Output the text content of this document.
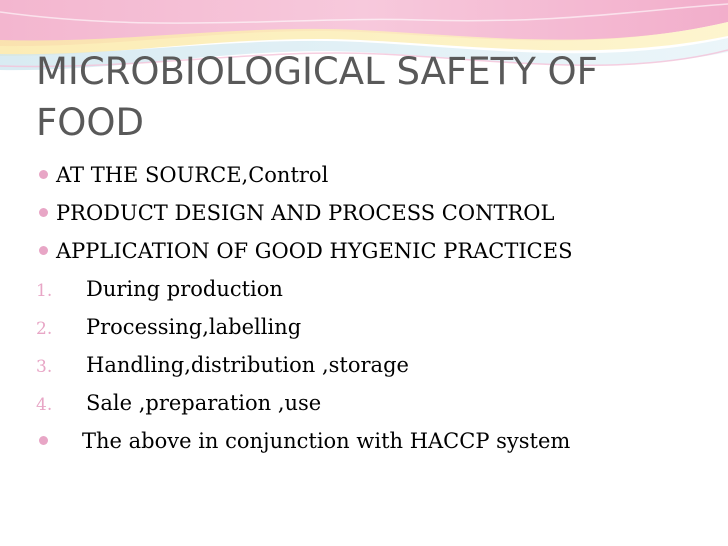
MICROBIOLOGICAL SAFETY OF FOOD
AT THE SOURCE,Control
PRODUCT DESIGN AND PROCESS CONTROL
APPLICATION OF GOOD HYGENIC PRACTICES
1. During production
2. Processing,labelling
3. Handling,distribution ,storage
4. Sale ,preparation ,use
The above in conjunction with HACCP system
